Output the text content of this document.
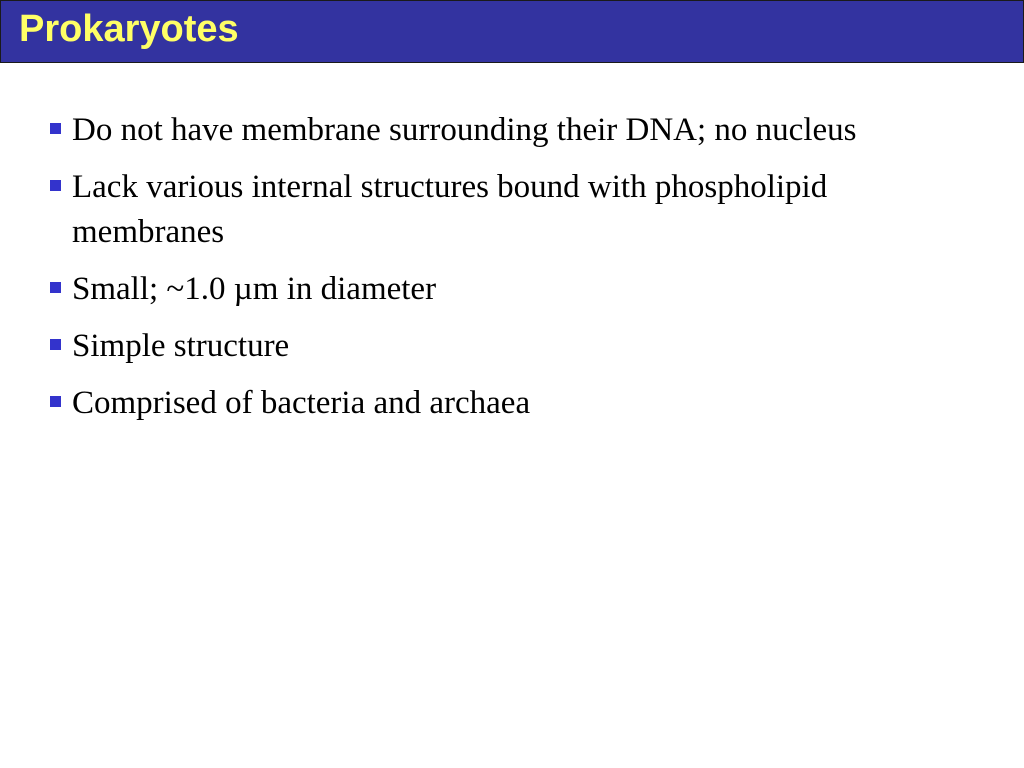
Prokaryotes
Do not have membrane surrounding their DNA; no nucleus
Lack various internal structures bound with phospholipid membranes
Small; ~1.0 µm in diameter
Simple structure
Comprised of bacteria and archaea
